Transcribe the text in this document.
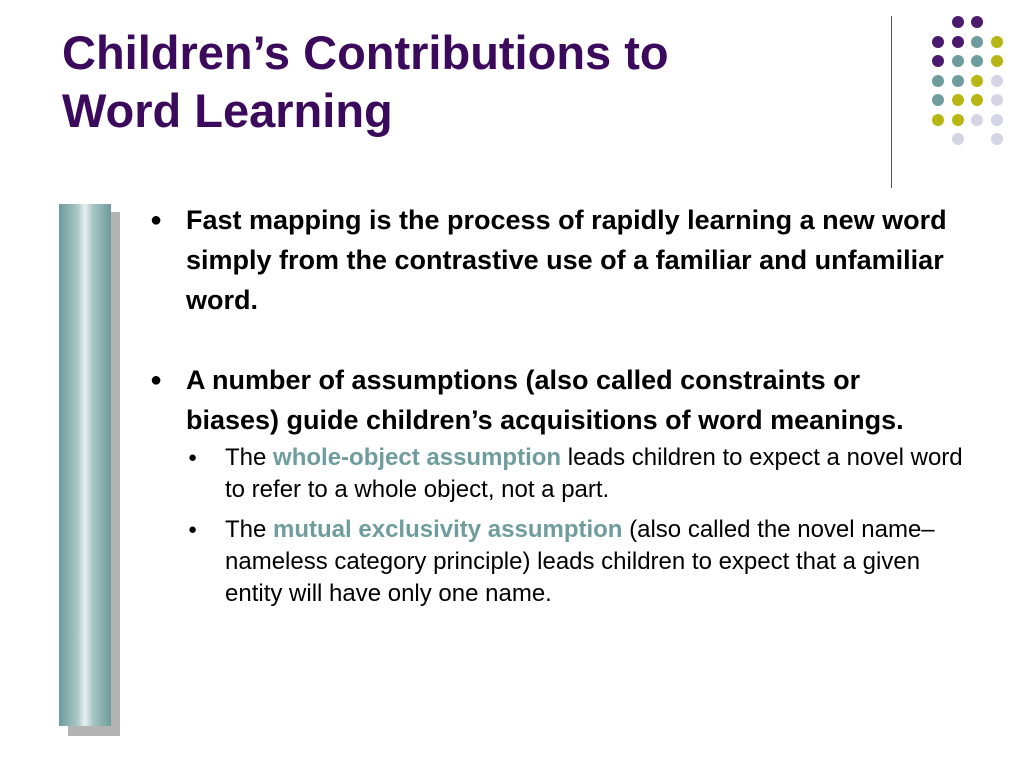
Children’s Contributions to
Word Learning
● Fast mapping is the process of rapidly learning a new word simply from the contrastive use of a familiar and unfamiliar word.
● A number of assumptions (also called constraints or biases) guide children’s acquisitions of word meanings.
● The whole-object assumption leads children to expect a novel word to refer to a whole object, not a part.
● The mutual exclusivity assumption (also called the novel name–nameless category principle) leads children to expect that a given entity will have only one name.
